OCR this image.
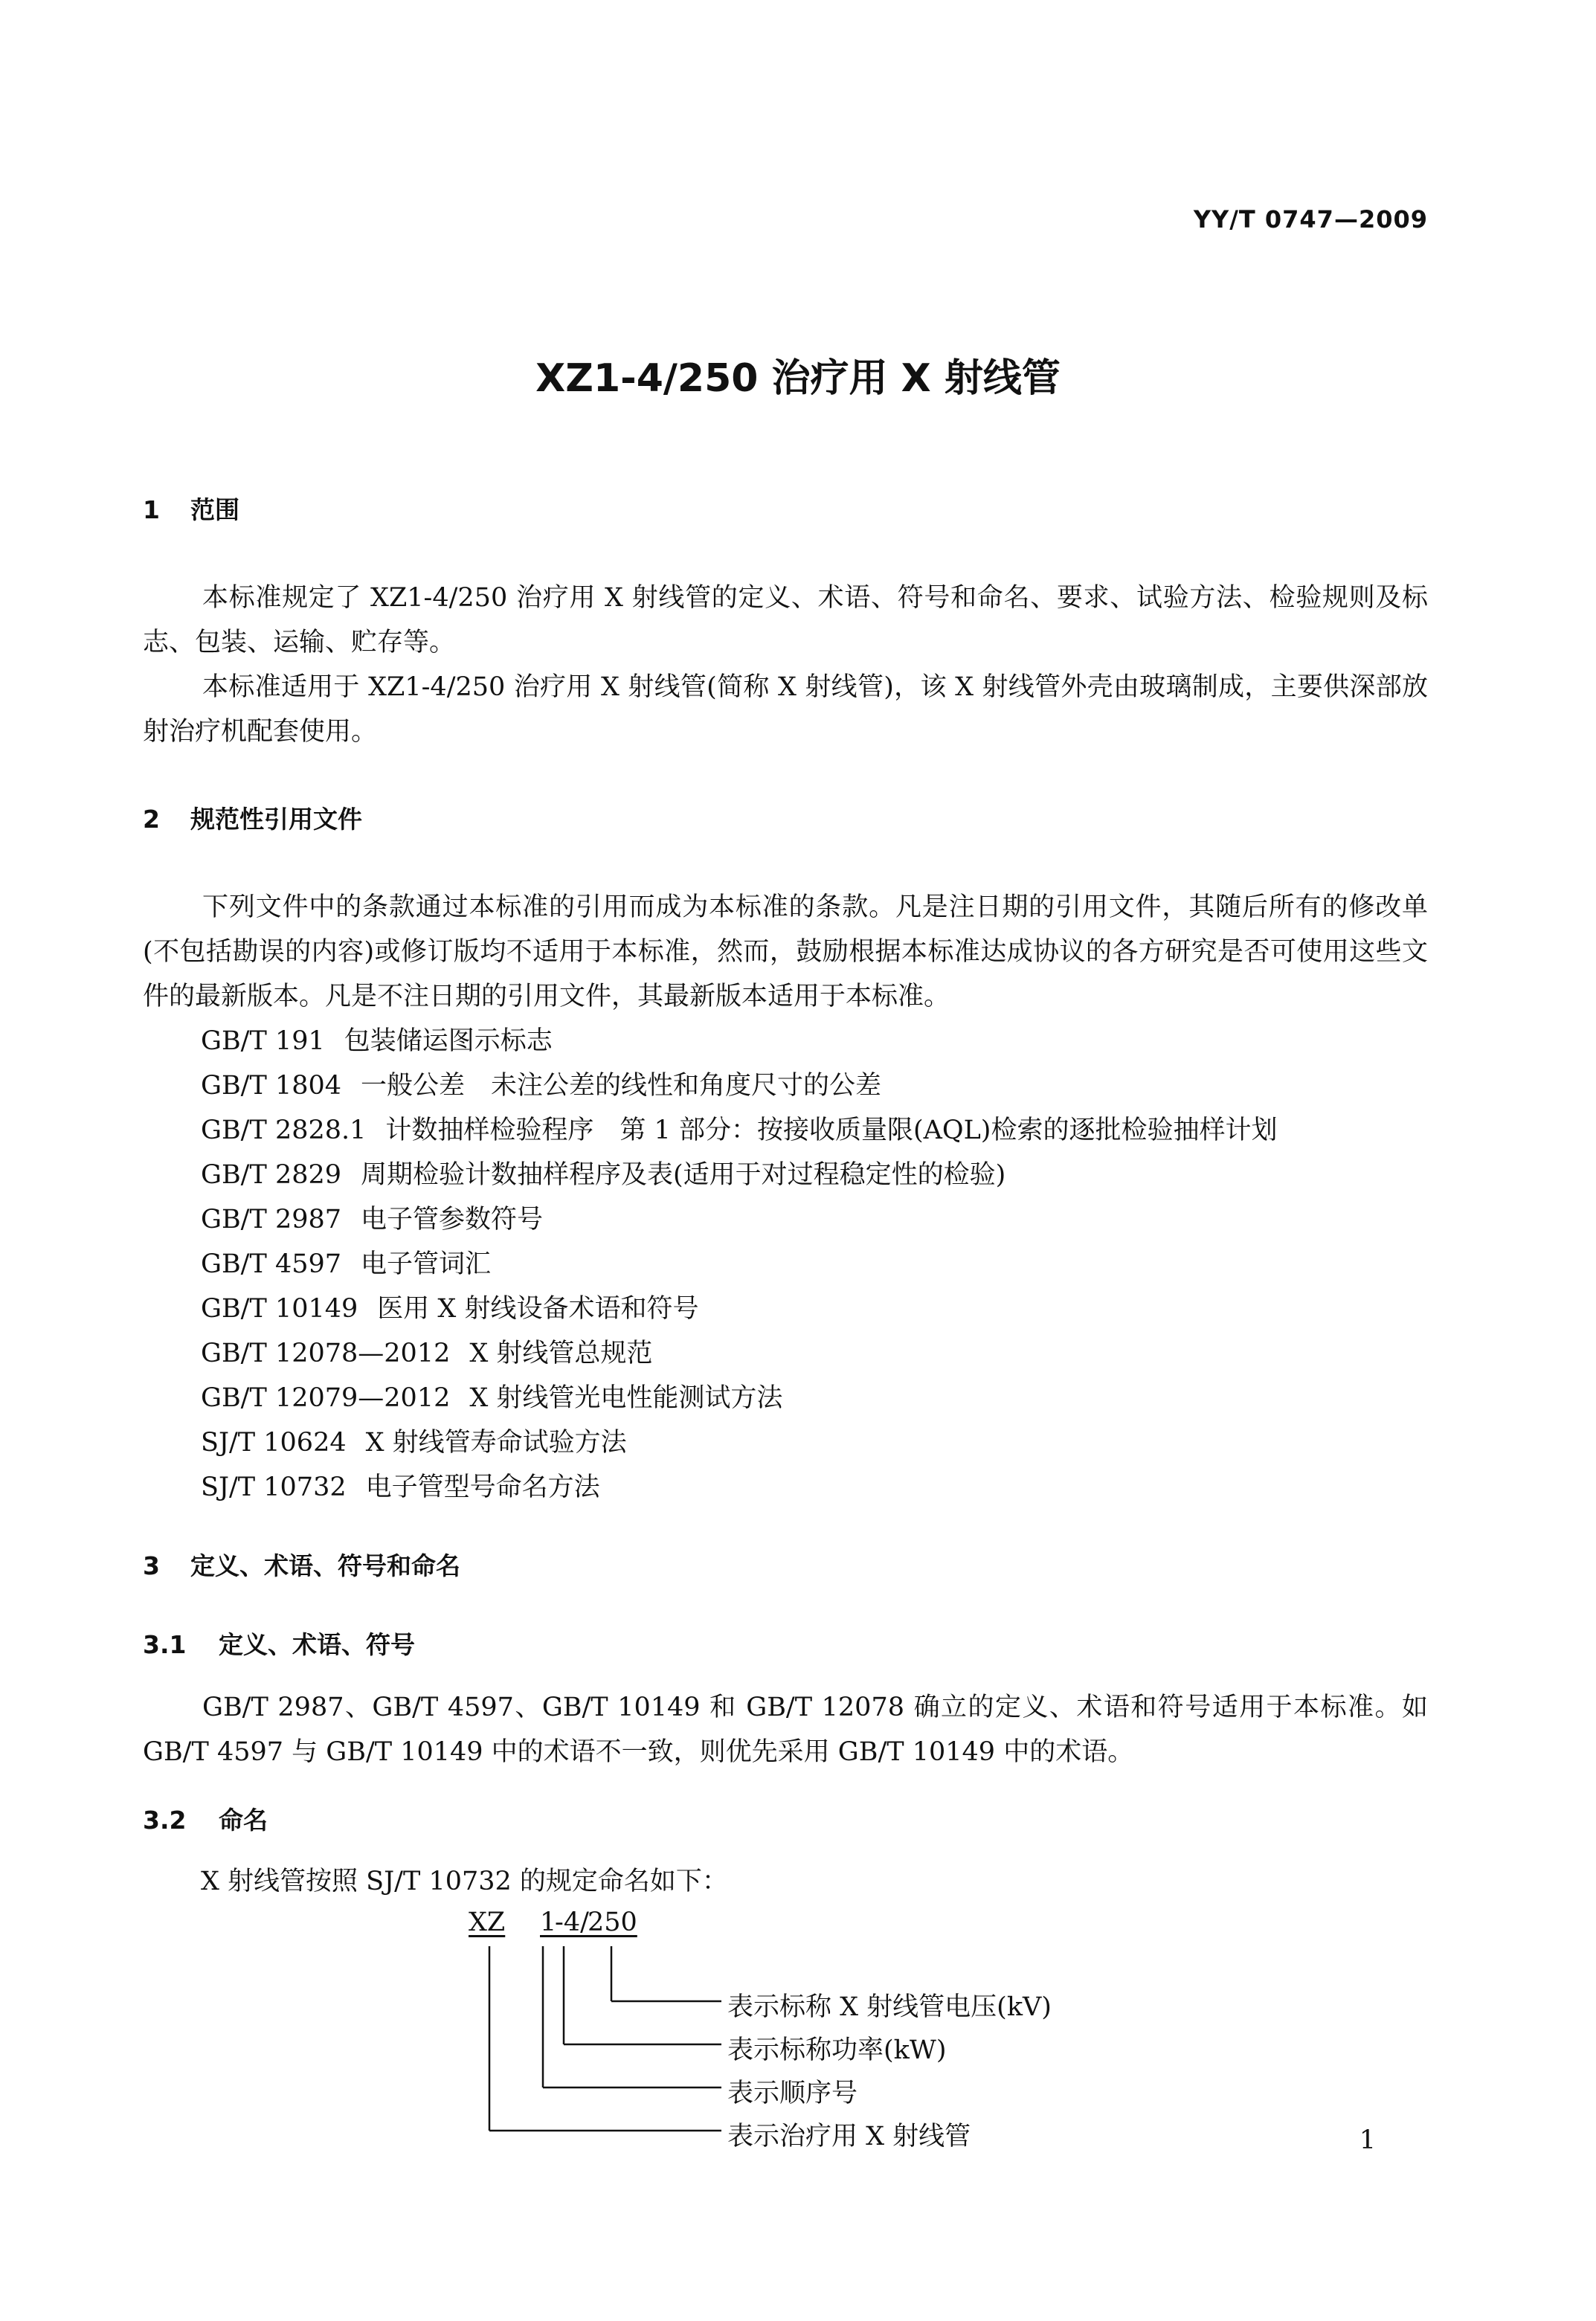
YY/T 0747—2009
XZ1-4/250 治疗用 X 射线管
1 范围
本标准规定了 XZ1-4/250 治疗用 X 射线管的定义、术语、符号和命名、要求、试验方法、检验规则及标志、包装、运输、贮存等。
本标准适用于 XZ1-4/250 治疗用 X 射线管(简称 X 射线管)，该 X 射线管外壳由玻璃制成，主要供深部放射治疗机配套使用。
2 规范性引用文件
下列文件中的条款通过本标准的引用而成为本标准的条款。凡是注日期的引用文件，其随后所有的修改单(不包括勘误的内容)或修订版均不适用于本标准，然而，鼓励根据本标准达成协议的各方研究是否可使用这些文件的最新版本。凡是不注日期的引用文件，其最新版本适用于本标准。
GB/T 191 包装储运图示标志
GB/T 1804 一般公差　未注公差的线性和角度尺寸的公差
GB/T 2828.1 计数抽样检验程序　第 1 部分：按接收质量限(AQL)检索的逐批检验抽样计划
GB/T 2829 周期检验计数抽样程序及表(适用于对过程稳定性的检验)
GB/T 2987 电子管参数符号
GB/T 4597 电子管词汇
GB/T 10149 医用 X 射线设备术语和符号
GB/T 12078—2012 X 射线管总规范
GB/T 12079—2012 X 射线管光电性能测试方法
SJ/T 10624 X 射线管寿命试验方法
SJ/T 10732 电子管型号命名方法
3 定义、术语、符号和命名
3.1 定义、术语、符号
GB/T 2987、GB/T 4597、GB/T 10149 和 GB/T 12078 确立的定义、术语和符号适用于本标准。如 GB/T 4597 与 GB/T 10149 中的术语不一致，则优先采用 GB/T 10149 中的术语。
3.2 命名
X 射线管按照 SJ/T 10732 的规定命名如下：
XZ 1
-4/
250
表示标称 X 射线管电压(kV)
表示标称功率(kW)
表示顺序号
表示治疗用 X 射线管	1
